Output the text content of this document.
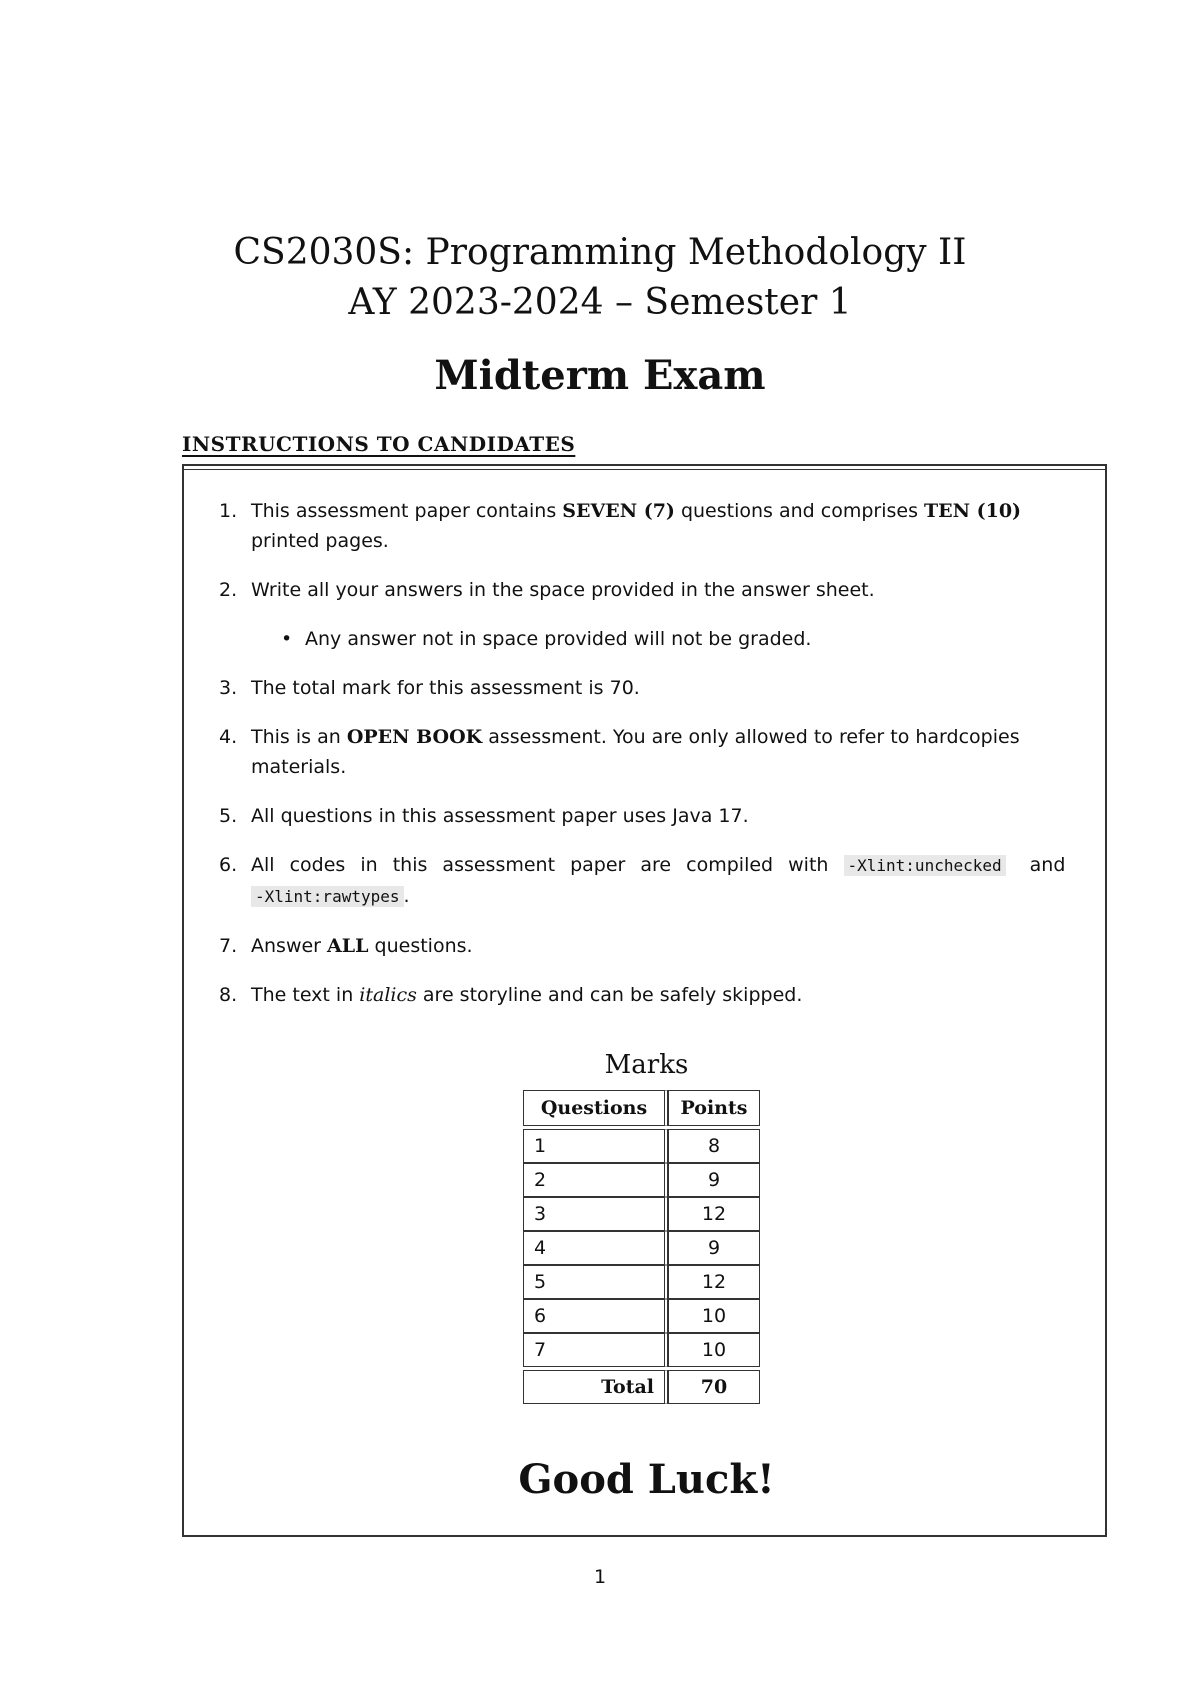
CS2030S: Programming Methodology II
AY 2023-2024 – Semester 1
Midterm Exam
INSTRUCTIONS TO CANDIDATES
1. This assessment paper contains SEVEN (7) questions and comprises TEN (10) printed pages.
2. Write all your answers in the space provided in the answer sheet.
• Any answer not in space provided will not be graded.
3. The total mark for this assessment is 70.
4. This is an OPEN BOOK assessment. You are only allowed to refer to hardcopies materials.
5. All questions in this assessment paper uses Java 17.
6. All codes in this assessment paper are compiled with -Xlint:unchecked and
-Xlint:rawtypes .
7. Answer ALL questions.
8. The text in italics are storyline and can be safely skipped.
Marks
Questions	Points

1	8
2	9
3	12
4	9
5	12
6	10
7	10

Total	70
Good Luck!
1
